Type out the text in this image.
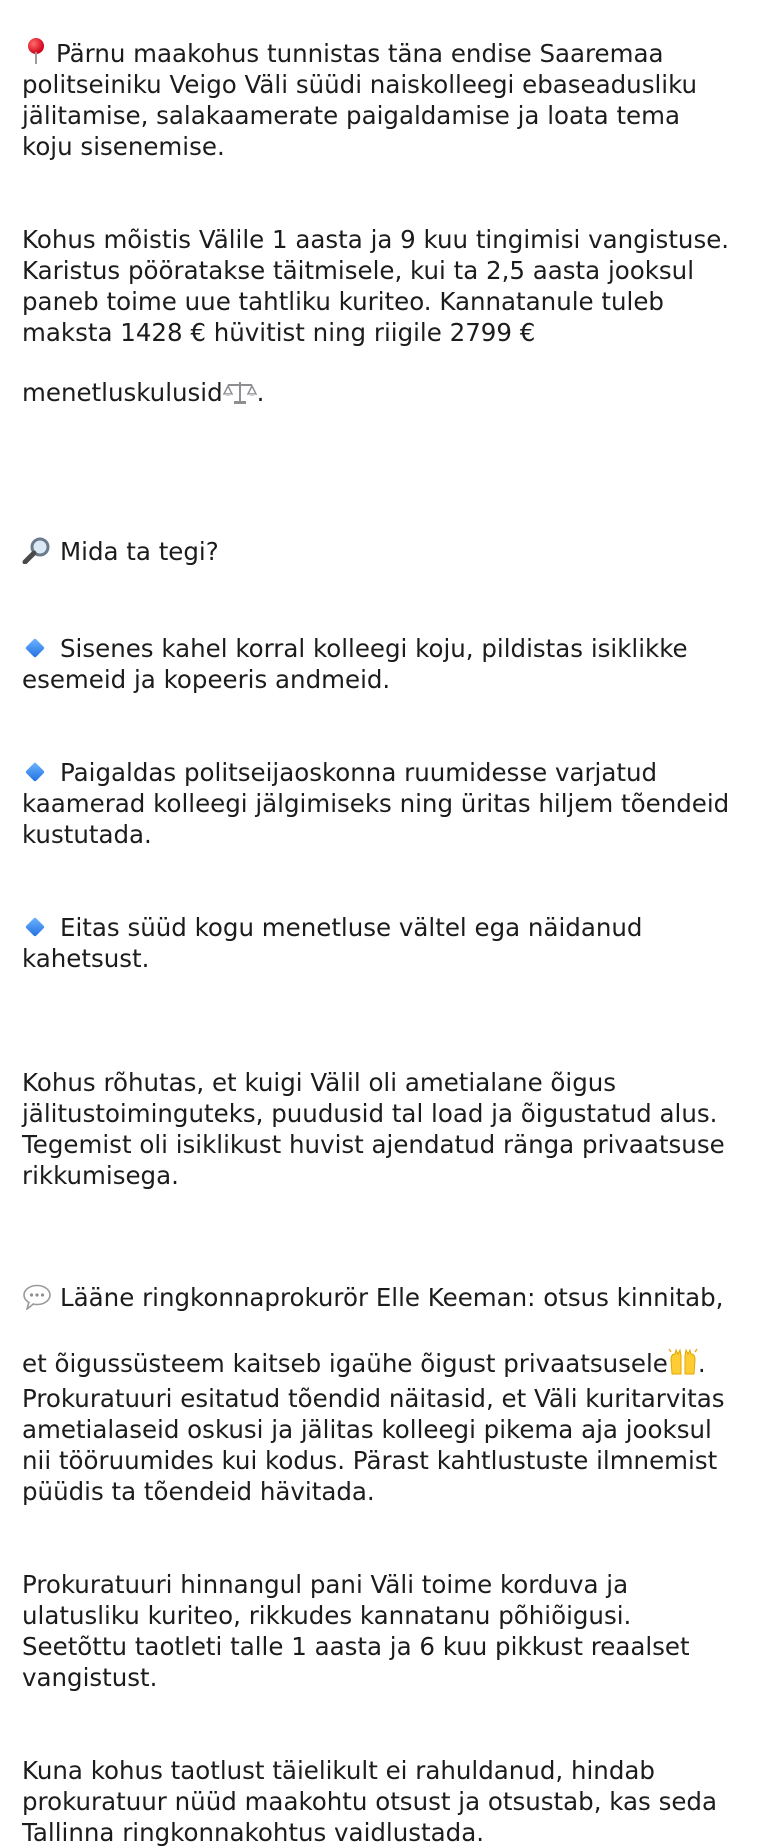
Pärnu maakohus tunnistas täna endise Saaremaa politseiniku Veigo Väli süüdi naiskolleegi ebaseadusliku jälitamise, salakaamerate paigaldamise ja loata tema koju sisenemise.

Kohus mõistis Välile 1 aasta ja 9 kuu tingimisi vangistuse. Karistus pööratakse täitmisele, kui ta 2,5 aasta jooksul paneb toime uue tahtliku kuriteo. Kannatanule tuleb maksta 1428 € hüvitist ning riigile 2799 € menetluskulusid .

Mida ta tegi?

Sisenes kahel korral kolleegi koju, pildistas isiklikke esemeid ja kopeeris andmeid.

Paigaldas politseijaoskonna ruumidesse varjatud kaamerad kolleegi jälgimiseks ning üritas hiljem tõendeid kustutada.

Eitas süüd kogu menetluse vältel ega näidanud kahetsust.

Kohus rõhutas, et kuigi Välil oli ametialane õigus jälitustoiminguteks, puudusid tal load ja õigustatud alus. Tegemist oli isiklikust huvist ajendatud ränga privaatsuse rikkumisega.

Lääne ringkonnaprokurör Elle Keeman: otsus kinnitab, et õigussüsteem kaitseb igaühe õigust privaatsusele . Prokuratuuri esitatud tõendid näitasid, et Väli kuritarvitas ametialaseid oskusi ja jälitas kolleegi pikema aja jooksul nii tööruumides kui kodus. Pärast kahtlustuste ilmnemist püüdis ta tõendeid hävitada.

Prokuratuuri hinnangul pani Väli toime korduva ja ulatusliku kuriteo, rikkudes kannatanu põhiõigusi. Seetõttu taotleti talle 1 aasta ja 6 kuu pikkust reaalset vangistust.

Kuna kohus taotlust täielikult ei rahuldanud, hindab prokuratuur nüüd maakohtu otsust ja otsustab, kas seda Tallinna ringkonnakohtus vaidlustada.
